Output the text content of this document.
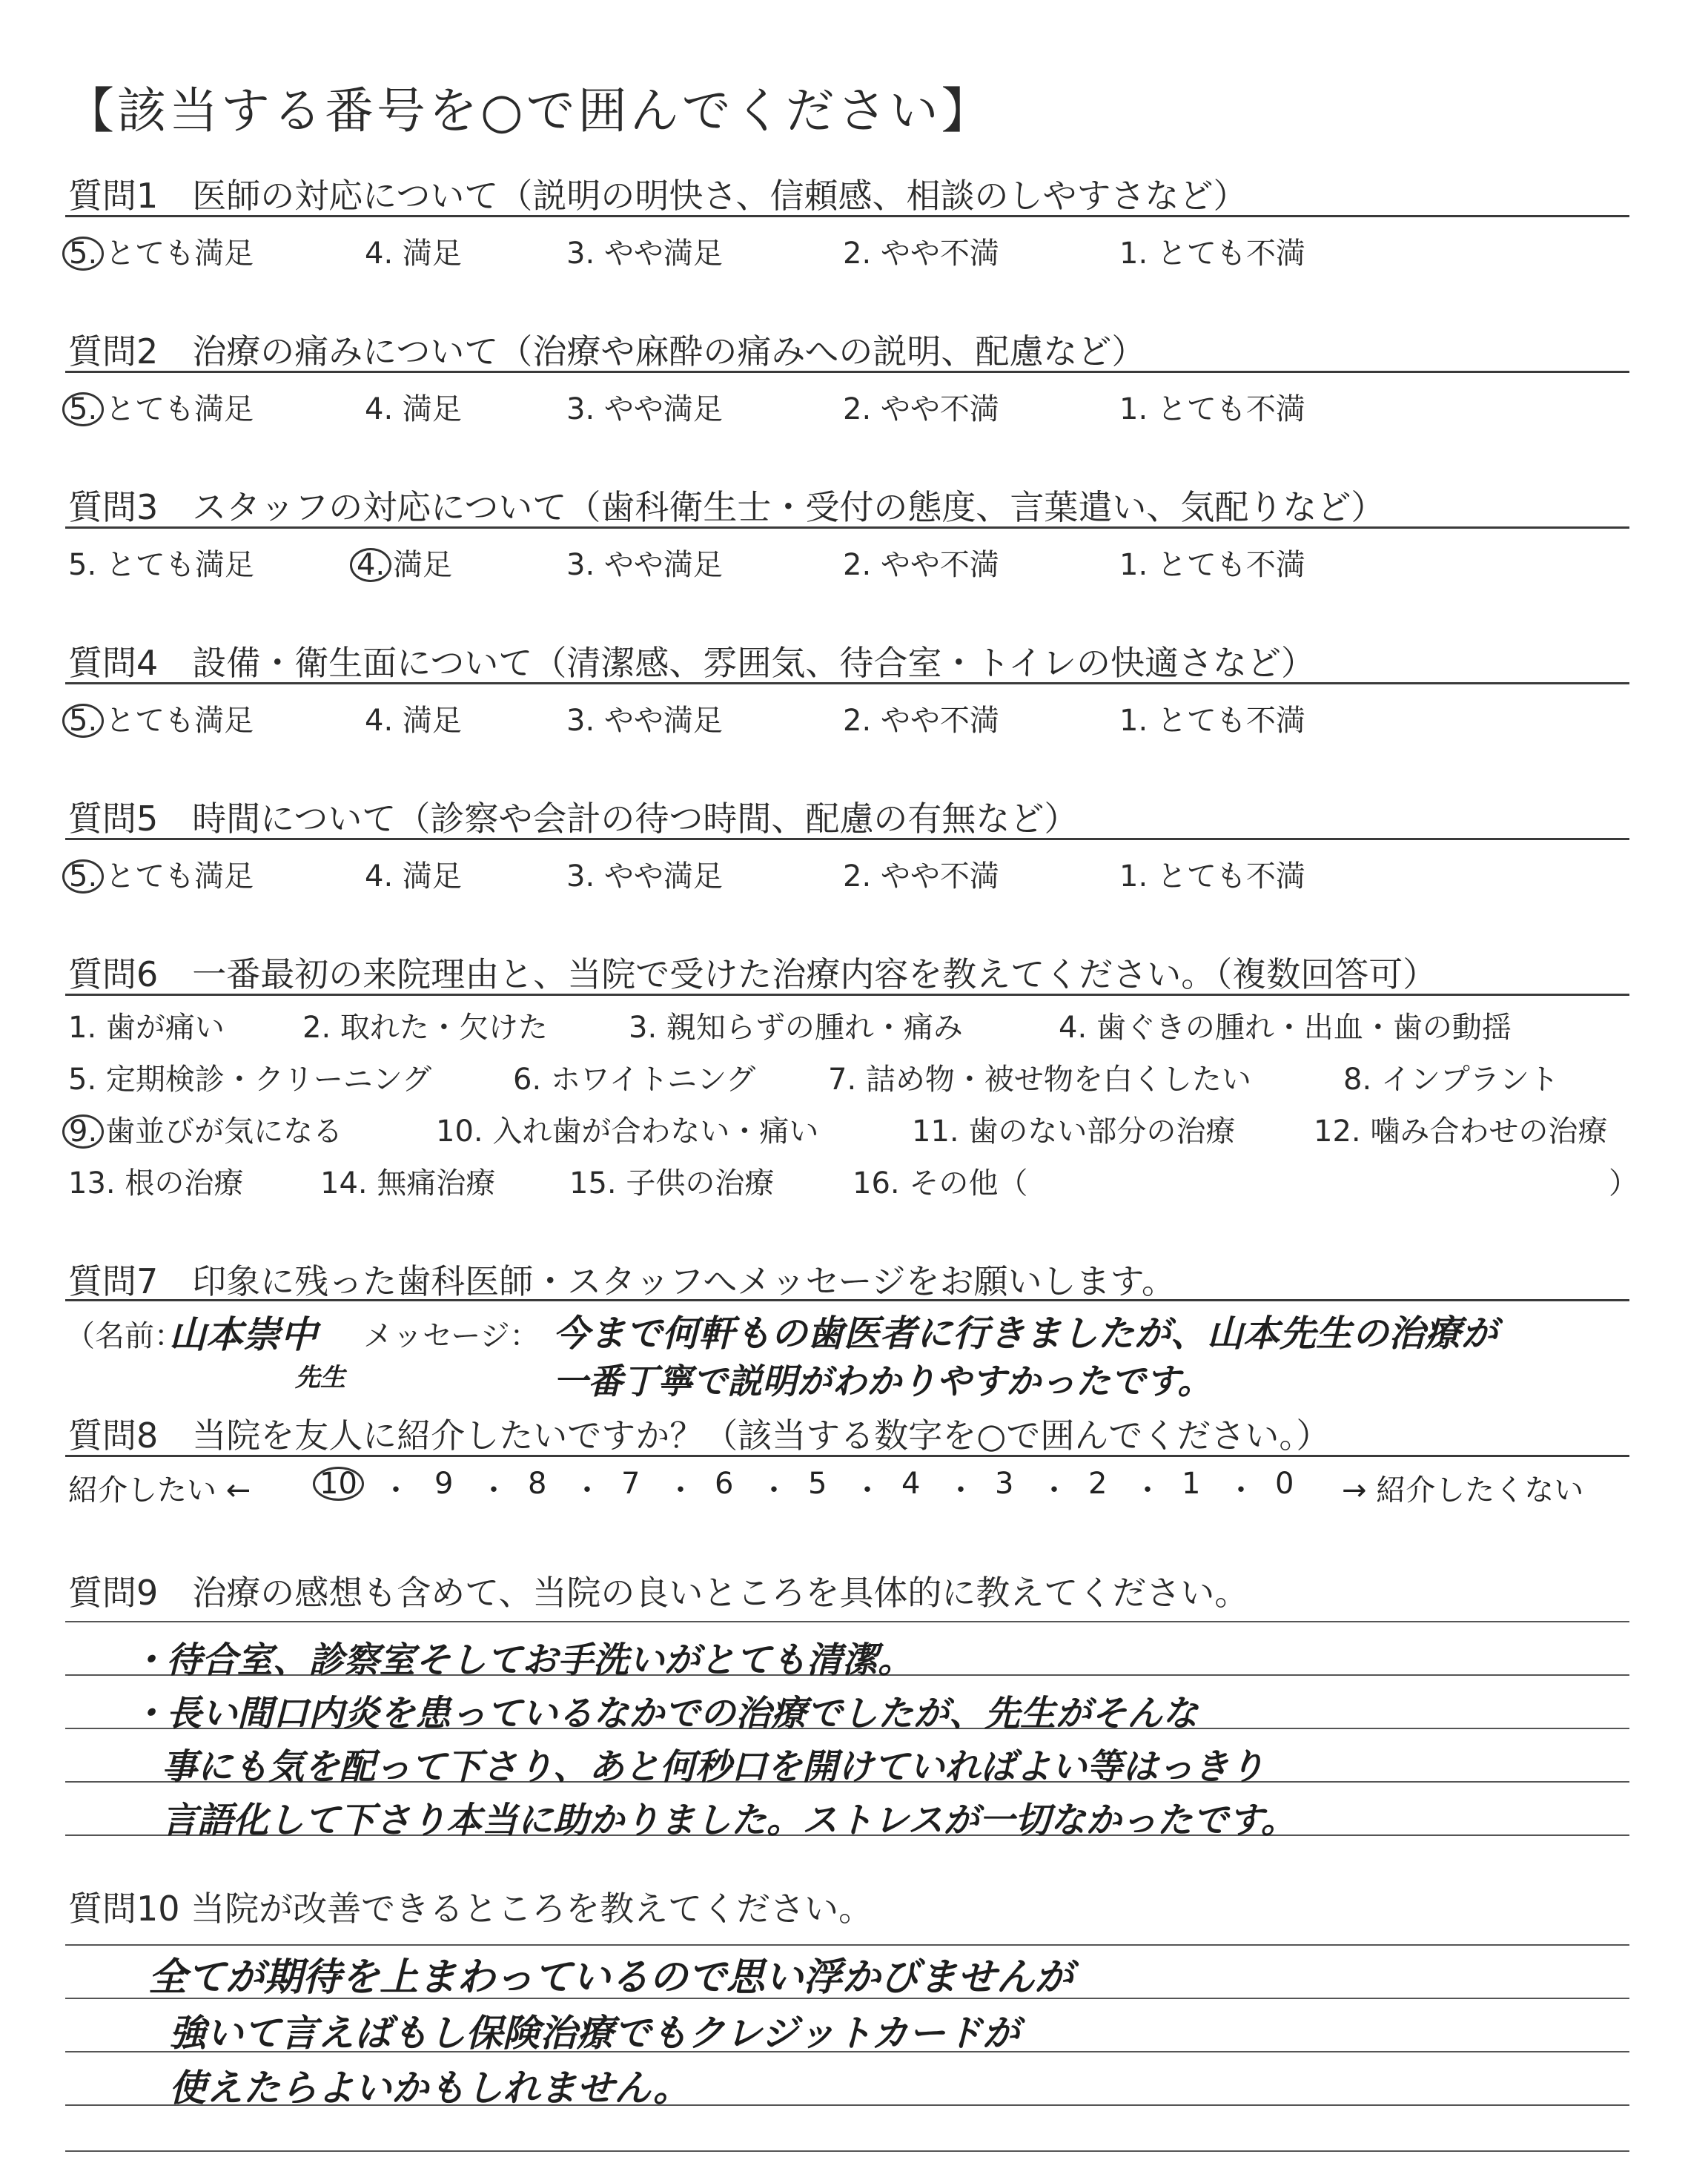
【該当する番号を○で囲んでください】
質問1　医師の対応について（説明の明快さ、信頼感、相談のしやすさなど）
5. とても満足	4. 満足	3. やや満足	2. やや不満	1. とても不満
質問2　治療の痛みについて（治療や麻酔の痛みへの説明、配慮など）
5. とても満足	4. 満足	3. やや満足	2. やや不満	1. とても不満
質問3　スタッフの対応について（歯科衛生士・受付の態度、言葉遣い、気配りなど）
5. とても満足	4. 満足	3. やや満足	2. やや不満	1. とても不満
質問4　設備・衛生面について（清潔感、雰囲気、待合室・トイレの快適さなど）
5. とても満足	4. 満足	3. やや満足	2. やや不満	1. とても不満
質問5　時間について（診察や会計の待つ時間、配慮の有無など）
5. とても満足	4. 満足	3. やや満足	2. やや不満	1. とても不満
質問6　一番最初の来院理由と、当院で受けた治療内容を教えてください。（複数回答可）
1. 歯が痛い	2. 取れた・欠けた	3. 親知らずの腫れ・痛み	4. 歯ぐきの腫れ・出血・歯の動揺
5. 定期検診・クリーニング	6. ホワイトニング 7. 詰め物・被せ物を白くしたい	8. インプラント
9. 歯並びが気になる	10. 入れ歯が合わない・痛い	11. 歯のない部分の治療	12. 噛み合わせの治療
13. 根の治療	14. 無痛治療 15. 子供の治療	16. その他（	）
質問7　印象に残った歯科医師・スタッフへメッセージをお願いします。
（名前：
山本崇中
先生
メッセージ： 今まで何軒もの歯医者に行きましたが、山本先生の治療が
一番丁寧で説明がわかりやすかったです。
質問8　当院を友人に紹介したいですか？（該当する数字を○で囲んでください。）
紹介したい ← 10 ・ 9 ・ 8 ・ 7 ・ 6 ・ 5 ・ 4 ・ 3 ・ 2 ・ 1 ・ 0 → 紹介したくない
質問9　治療の感想も含めて、当院の良いところを具体的に教えてください。
・待合室、診察室そしてお手洗いがとても清潔。
・長い間口内炎を患っているなかでの治療でしたが、先生がそんな
事にも気を配って下さり、あと何秒口を開けていればよい等はっきり
言語化して下さり本当に助かりました。ストレスが一切なかったです。
質問10 当院が改善できるところを教えてください。
全てが期待を上まわっているので思い浮かびませんが
強いて言えばもし保険治療でもクレジットカードが
使えたらよいかもしれません。
